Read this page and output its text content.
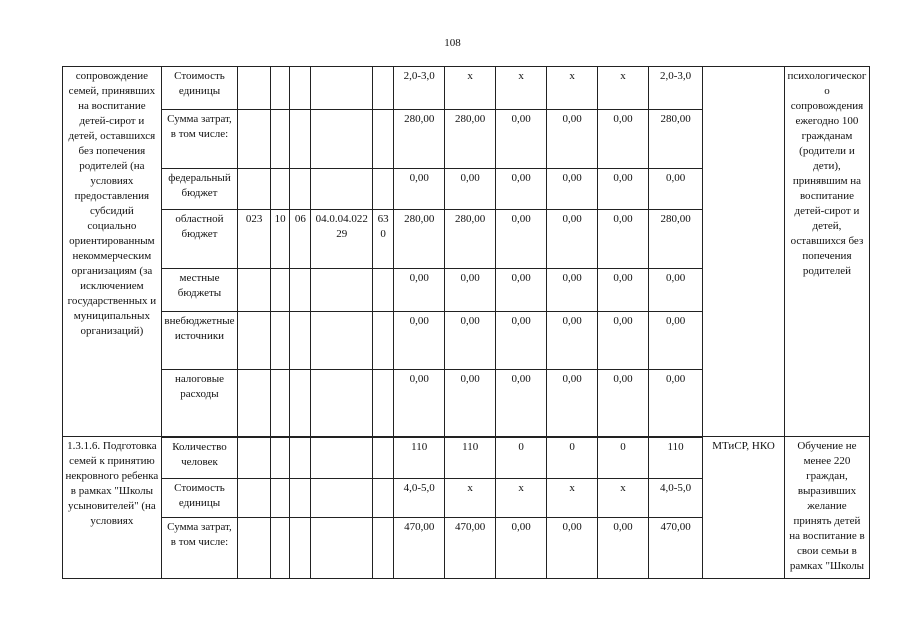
108
сопровождение семей, принявших на воспитание детей-сирот и детей, оставшихся без попечения родителей (на условиях предоставления субсидий социально ориентированным некоммерческим организациям (за исключением государственных и муниципальных организаций)	Стоимость единицы						2,0-3,0	х	х	х	х	2,0-3,0		психологического сопровождения ежегодно 100 гражданам (родители и дети), принявшим на воспитание детей-сирот и детей, оставшихся без попечения родителей
	Сумма затрат, в том числе:						280,00	280,00	0,00	0,00	0,00	280,00		
	федеральный бюджет						0,00	0,00	0,00	0,00	0,00	0,00		
	областной бюджет	023	10	06	04.0.04.02229	630	280,00	280,00	0,00	0,00	0,00	280,00		
	местные бюджеты						0,00	0,00	0,00	0,00	0,00	0,00		
	внебюджетные источники						0,00	0,00	0,00	0,00	0,00	0,00		
	налоговые расходы						0,00	0,00	0,00	0,00	0,00	0,00		
1.3.1.6. Подготовка семей к принятию некровного ребенка в рамках "Школы усыновителей" (на условиях	Количество человек						110	110	0	0	0	110	МТиСР, НКО	Обучение не менее 220 граждан, выразивших желание принять детей на воспитание в свои семьи в рамках "Школы
	Стоимость единицы						4,0-5,0	х	х	х	х	4,0-5,0		
	Сумма затрат, в том числе:						470,00	470,00	0,00	0,00	0,00	470,00		
